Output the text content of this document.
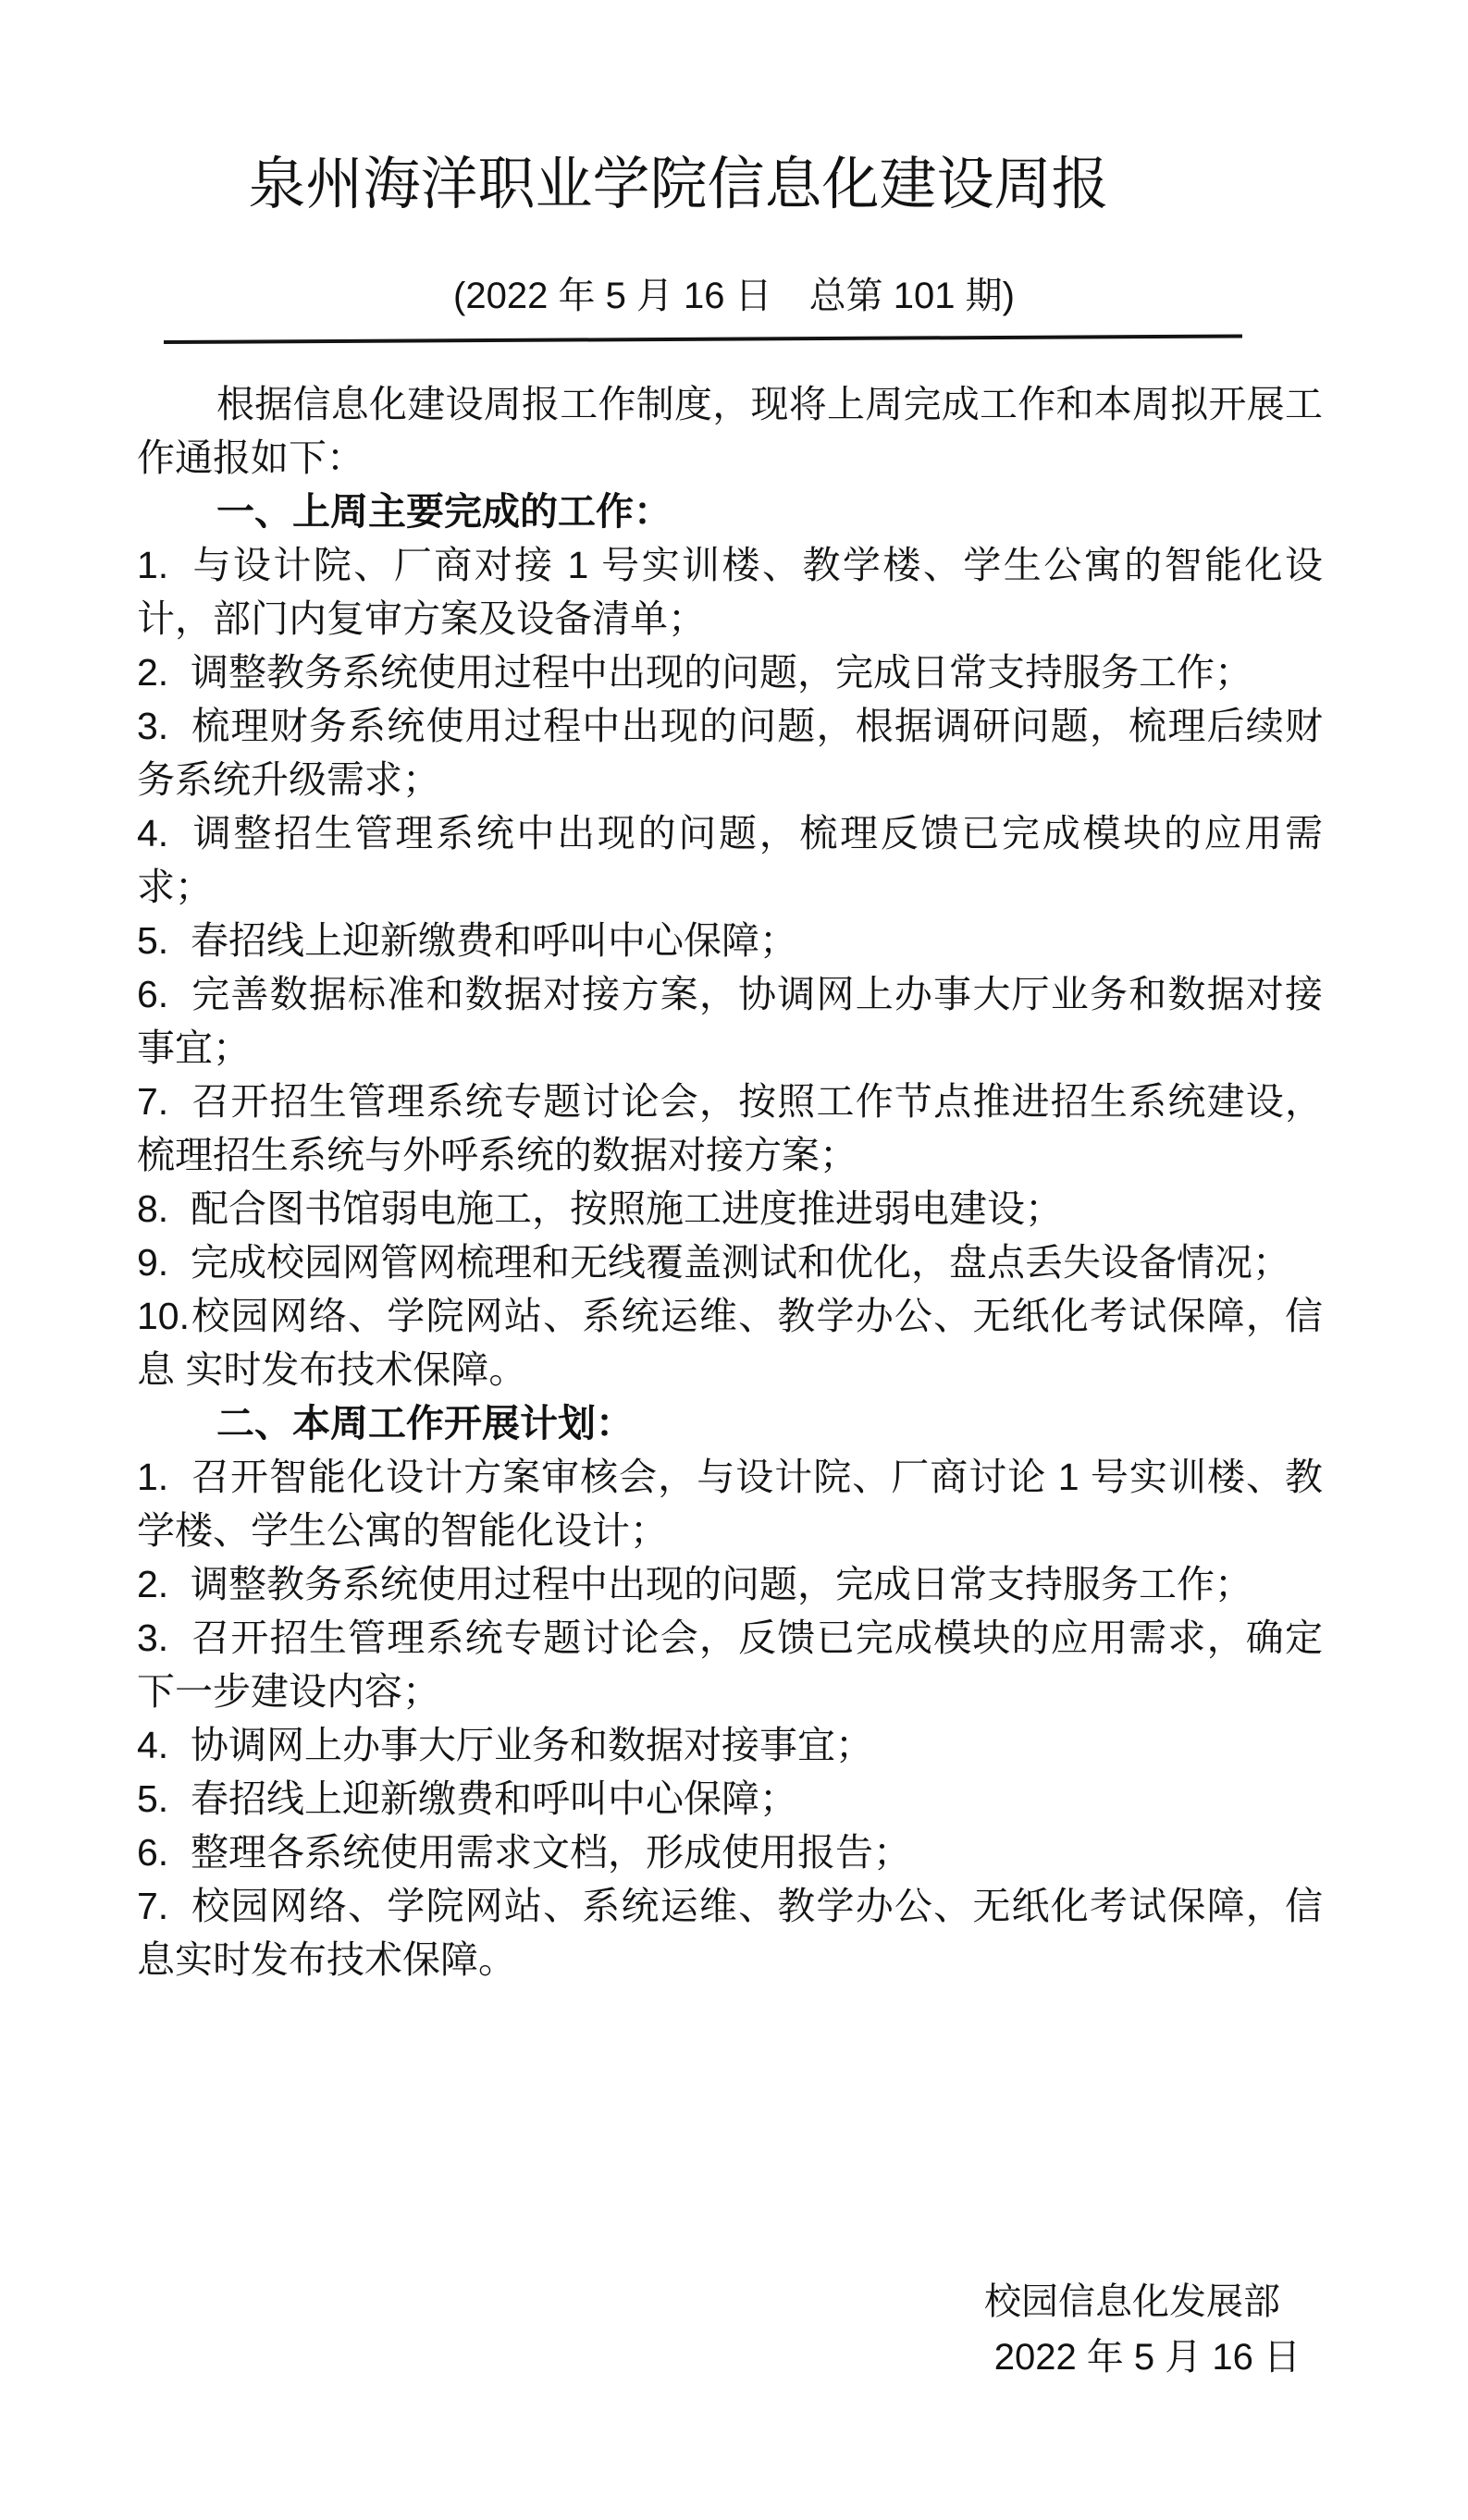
泉州海洋职业学院信息化建设周报
(2022 年 5 月 16 日　总第 101 期)

根据信息化建设周报工作制度，现将上周完成工作和本周拟开展工作通报如下：

一、上周主要完成的工作：

1. 与设计院、厂商对接 1 号实训楼、教学楼、学生公寓的智能化设计，部门内复审方案及设备清单；

2. 调整教务系统使用过程中出现的问题，完成日常支持服务工作；

3. 梳理财务系统使用过程中出现的问题，根据调研问题，梳理后续财务系统升级需求；

4. 调整招生管理系统中出现的问题，梳理反馈已完成模块的应用需求；

5. 春招线上迎新缴费和呼叫中心保障；

6. 完善数据标准和数据对接方案，协调网上办事大厅业务和数据对接事宜；

7. 召开招生管理系统专题讨论会，按照工作节点推进招生系统建设，梳理招生系统与外呼系统的数据对接方案；

8. 配合图书馆弱电施工，按照施工进度推进弱电建设；

9. 完成校园网管网梳理和无线覆盖测试和优化，盘点丢失设备情况；

10.校园网络、学院网站、系统运维、教学办公、无纸化考试保障，信息 实时发布技术保障。

二、本周工作开展计划：

1. 召开智能化设计方案审核会，与设计院、厂商讨论 1 号实训楼、教学楼、学生公寓的智能化设计；

2. 调整教务系统使用过程中出现的问题，完成日常支持服务工作；

3. 召开招生管理系统专题讨论会，反馈已完成模块的应用需求，确定下一步建设内容；

4. 协调网上办事大厅业务和数据对接事宜；

5. 春招线上迎新缴费和呼叫中心保障；

6. 整理各系统使用需求文档，形成使用报告；

7. 校园网络、学院网站、系统运维、教学办公、无纸化考试保障，信息实时发布技术保障。

校园信息化发展部

2022 年 5 月 16 日
